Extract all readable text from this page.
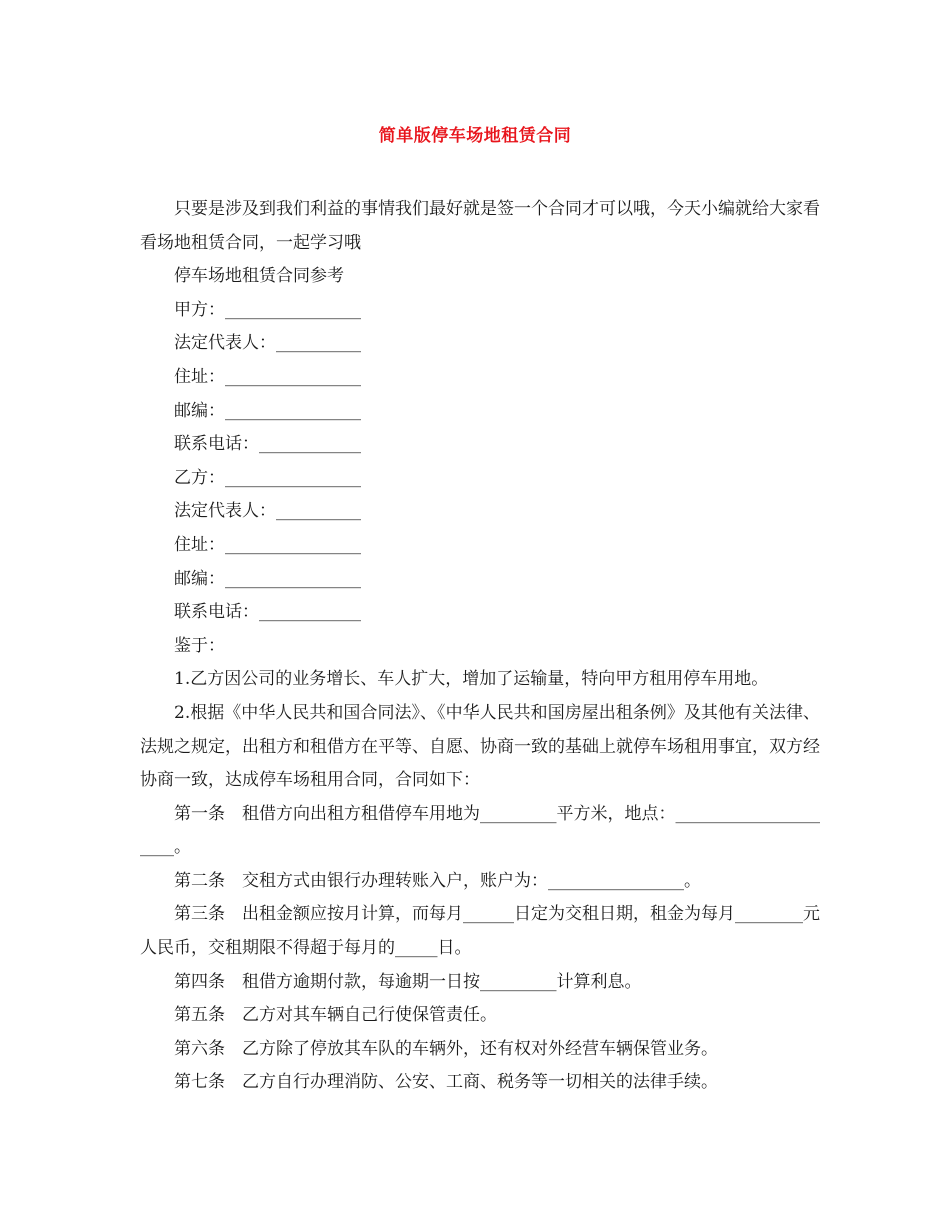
简单版停车场地租赁合同

只要是涉及到我们利益的事情我们最好就是签一个合同才可以哦，今天小编就给大家看看场地租赁合同，一起学习哦

停车场地租赁合同参考

甲方：________________

法定代表人：__________

住址：________________

邮编：________________

联系电话：____________

乙方：________________

法定代表人：__________

住址：________________

邮编：________________

联系电话：____________

鉴于：

1.乙方因公司的业务增长、车人扩大，增加了运输量，特向甲方租用停车用地。

2.根据《中华人民共和国合同法》、《中华人民共和国房屋出租条例》及其他有关法律、法规之规定，出租方和租借方在平等、自愿、协商一致的基础上就停车场租用事宜，双方经协商一致，达成停车场租用合同，合同如下：

第一条 租借方向出租方租借停车用地为_________平方米，地点：_____________________。

第二条 交租方式由银行办理转账入户，账户为：________________。

第三条 出租金额应按月计算，而每月______日定为交租日期，租金为每月________元人民币，交租期限不得超于每月的_____日。

第四条 租借方逾期付款，每逾期一日按_________计算利息。

第五条 乙方对其车辆自己行使保管责任。

第六条 乙方除了停放其车队的车辆外，还有权对外经营车辆保管业务。

第七条 乙方自行办理消防、公安、工商、税务等一切相关的法律手续。
